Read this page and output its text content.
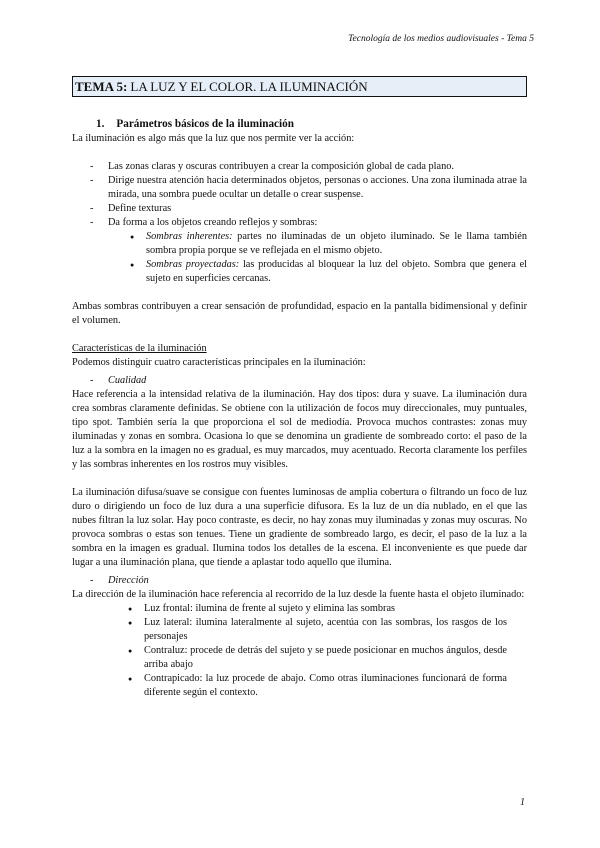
Tecnología de los medios audiovisuales - Tema 5
TEMA 5: LA LUZ Y EL COLOR. LA ILUMINACIÓN
1. Parámetros básicos de la iluminación

La iluminación es algo más que la luz que nos permite ver la acción:

- Las zonas claras y oscuras contribuyen a crear la composición global de cada plano.
- Dirige nuestra atención hacia determinados objetos, personas o acciones. Una zona iluminada atrae la mirada, una sombra puede ocultar un detalle o crear suspense.
- Define texturas
- Da forma a los objetos creando reflejos y sombras:
● Sombras inherentes: partes no iluminadas de un objeto iluminado. Se le llama también sombra propia porque se ve reflejada en el mismo objeto.
● Sombras proyectadas: las producidas al bloquear la luz del objeto. Sombra que genera el sujeto en superficies cercanas.

Ambas sombras contribuyen a crear sensación de profundidad, espacio en la pantalla bidimensional y definir el volumen.

Características de la iluminación

Podemos distinguir cuatro características principales en la iluminación:

- Cualidad

Hace referencia a la intensidad relativa de la iluminación. Hay dos tipos: dura y suave. La iluminación dura crea sombras claramente definidas. Se obtiene con la utilización de focos muy direccionales, muy puntuales, tipo spot. También sería la que proporciona el sol de mediodía. Provoca muchos contrastes: zonas muy iluminadas y zonas en sombra. Ocasiona lo que se denomina un gradiente de sombreado corto: el paso de la luz a la sombra en la imagen no es gradual, es muy marcados, muy acentuado. Recorta claramente los perfiles y las sombras inherentes en los rostros muy visibles.

La iluminación difusa/suave se consigue con fuentes luminosas de amplia cobertura o filtrando un foco de luz duro o dirigiendo un foco de luz dura a una superficie difusora. Es la luz de un día nublado, en el que las nubes filtran la luz solar. Hay poco contraste, es decir, no hay zonas muy iluminadas y zonas muy oscuras. No provoca sombras o estas son tenues. Tiene un gradiente de sombreado largo, es decir, el paso de la luz a la sombra en la imagen es gradual. Ilumina todos los detalles de la escena. El inconveniente es que puede dar lugar a una iluminación plana, que tiende a aplastar todo aquello que ilumina.

- Dirección

La dirección de la iluminación hace referencia al recorrido de la luz desde la fuente hasta el objeto iluminado:

● Luz frontal: ilumina de frente al sujeto y elimina las sombras
● Luz lateral: ilumina lateralmente al sujeto, acentúa con las sombras, los rasgos de los personajes
● Contraluz: procede de detrás del sujeto y se puede posicionar en muchos ángulos, desde arriba abajo
● Contrapicado: la luz procede de abajo. Como otras iluminaciones funcionará de forma diferente según el contexto.
1
